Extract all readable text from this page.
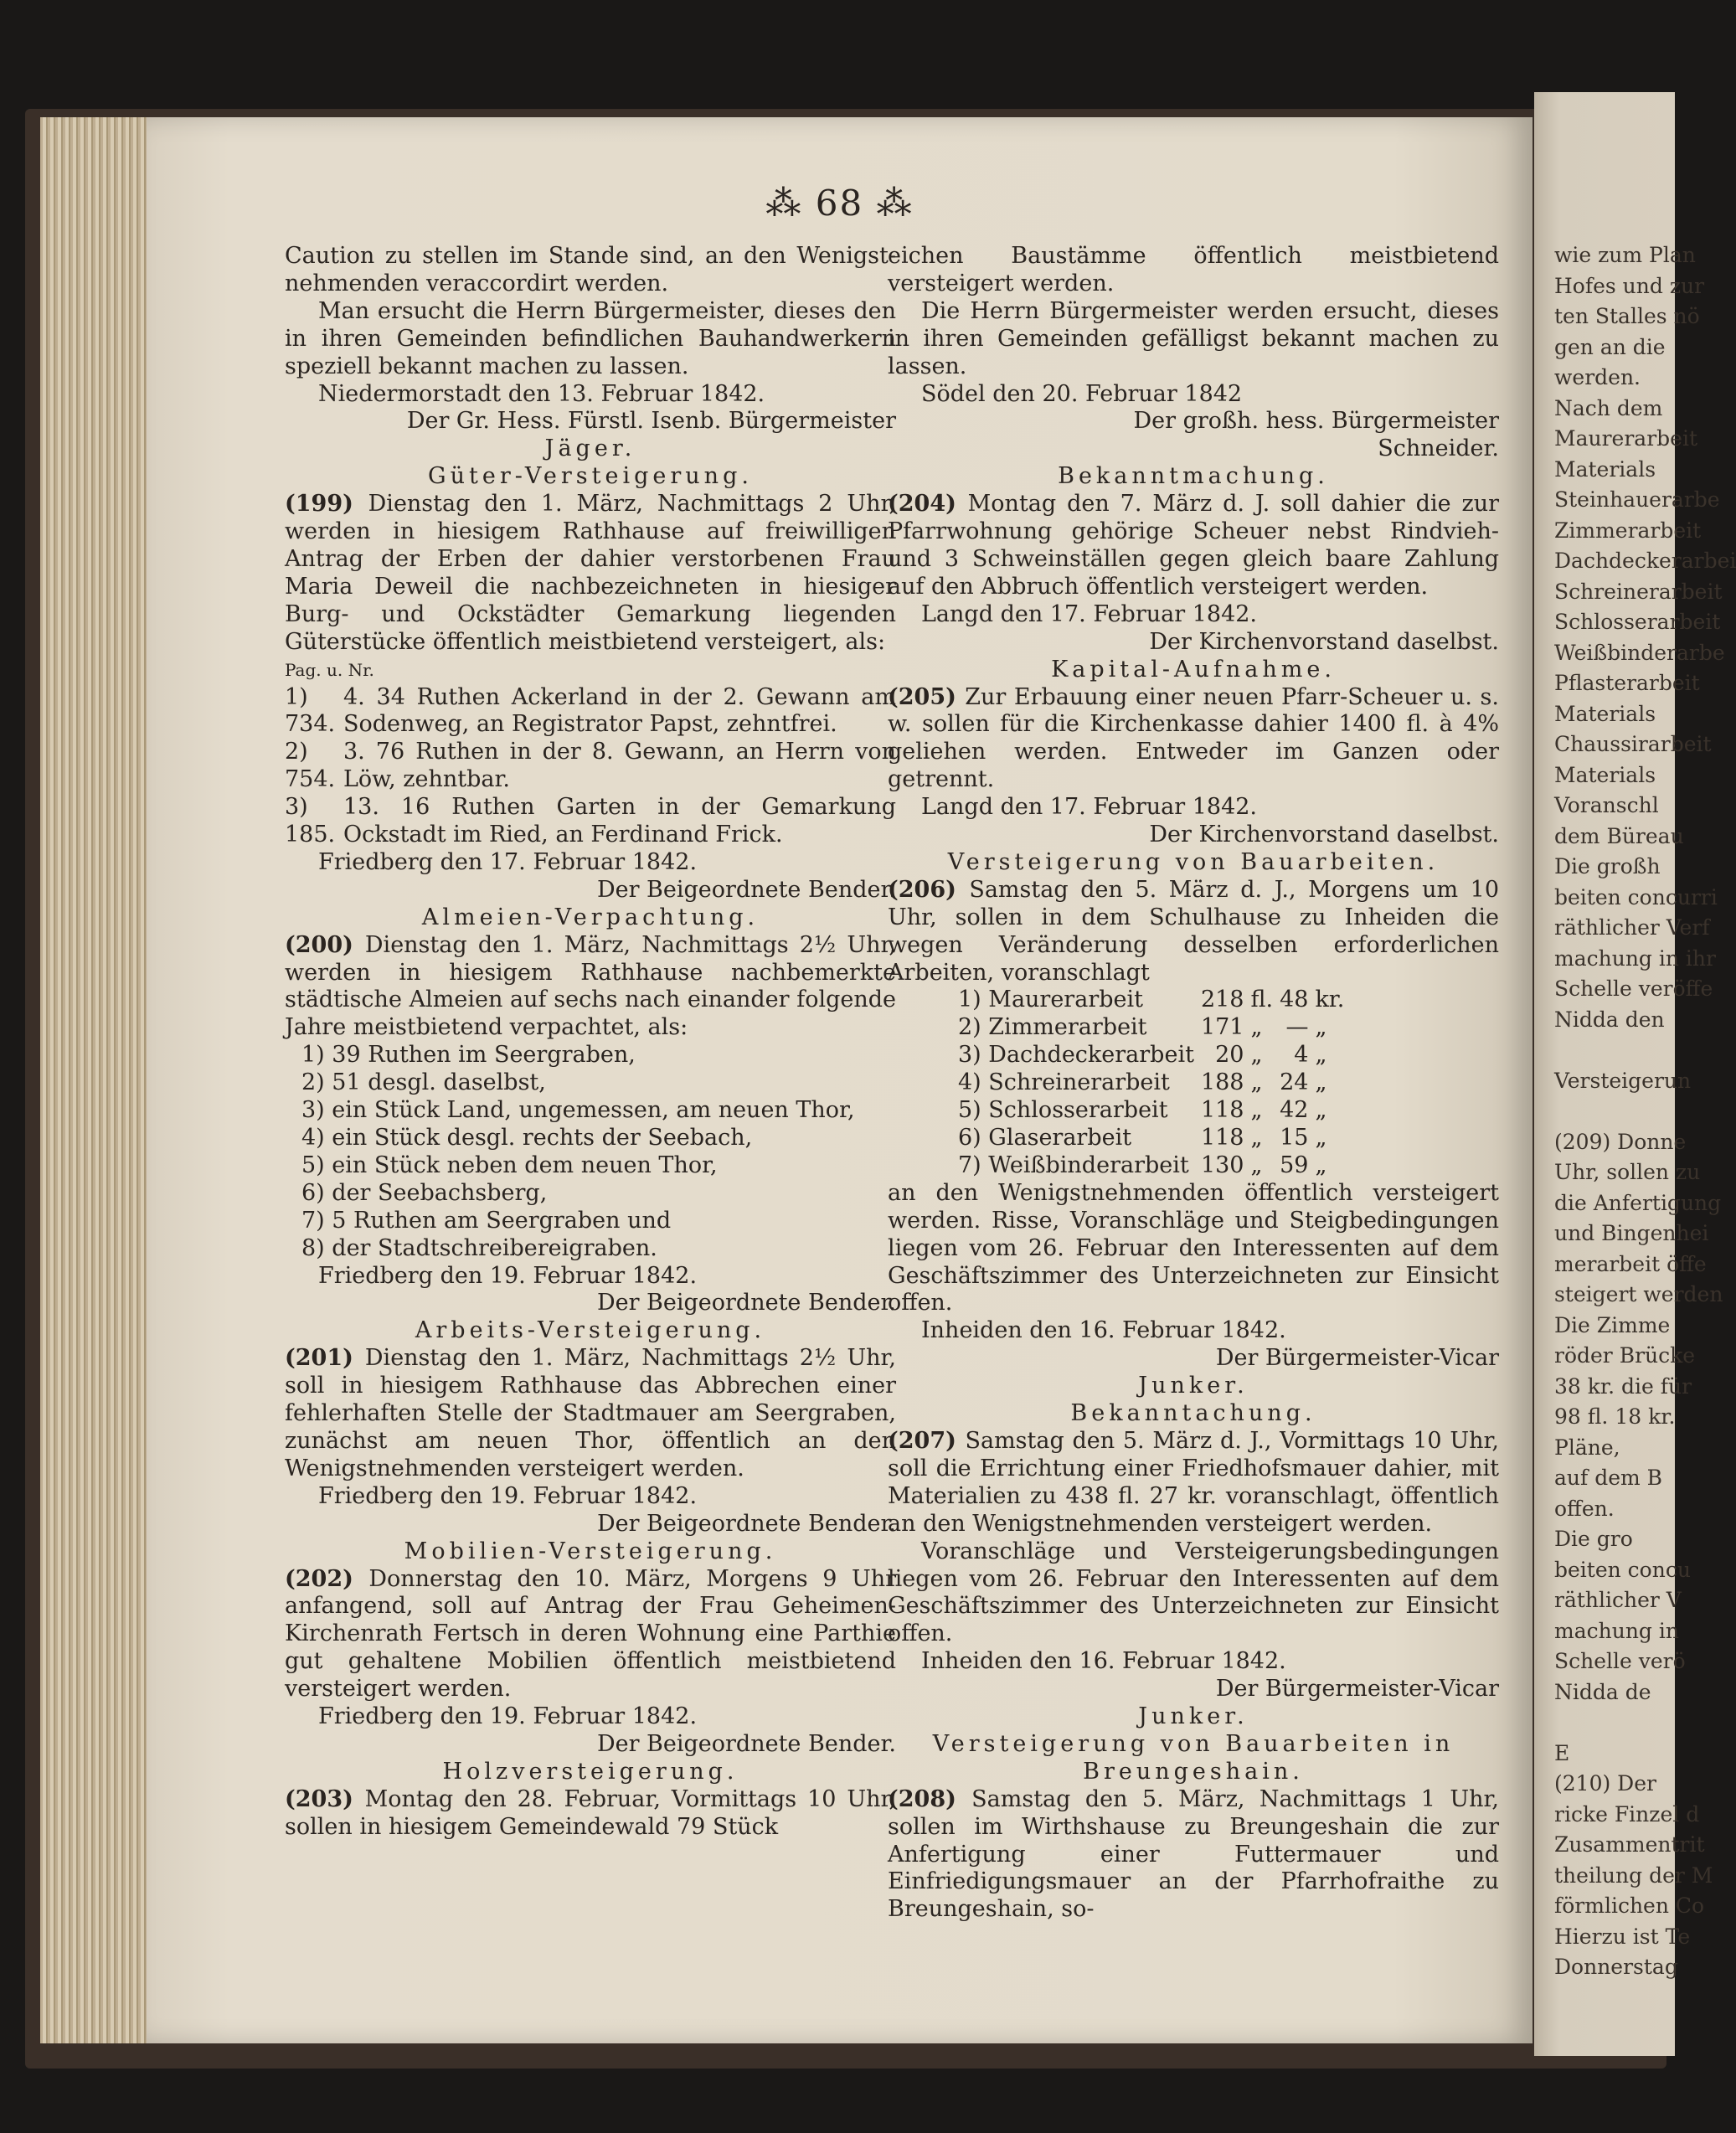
⁂ 68 ⁂

Caution zu stellen im Stande sind, an den Wenigst-nehmenden veraccordirt werden.

Man ersucht die Herrn Bürgermeister, dieses den in ihren Gemeinden befindlichen Bauhandwerkern speziell bekannt machen zu lassen.

Niedermorstadt den 13. Februar 1842.

Der Gr. Hess. Fürstl. Isenb. Bürgermeister

Jäger.

Güter-Versteigerung.

(199) Dienstag den 1. März, Nachmittags 2 Uhr, werden in hiesigem Rathhause auf freiwilligen Antrag der Erben der dahier verstorbenen Frau Maria Deweil die nachbezeichneten in hiesiger Burg- und Ockstädter Gemarkung liegenden Güterstücke öffentlich meistbietend versteigert, als:

Pag. u. Nr.

1) 734.
4. 34 Ruthen Ackerland in der 2. Gewann am Sodenweg, an Registrator Papst, zehntfrei.
2) 754.
3. 76 Ruthen in der 8. Gewann, an Herrn von Löw, zehntbar.
3) 185.
13. 16 Ruthen Garten in der Gemarkung Ockstadt im Ried, an Ferdinand Frick.

Friedberg den 17. Februar 1842.

Der Beigeordnete Bender.

Almeien-Verpachtung.

(200) Dienstag den 1. März, Nachmittags 2½ Uhr, werden in hiesigem Rathhause nachbemerkte städtische Almeien auf sechs nach einander folgende Jahre meistbietend verpachtet, als:

1) 39 Ruthen im Seergraben,

2) 51 desgl. daselbst,

3) ein Stück Land, ungemessen, am neuen Thor,

4) ein Stück desgl. rechts der Seebach,

5) ein Stück neben dem neuen Thor,

6) der Seebachsberg,

7) 5 Ruthen am Seergraben und

8) der Stadtschreibereigraben.

Friedberg den 19. Februar 1842.

Der Beigeordnete Bender.

Arbeits-Versteigerung.

(201) Dienstag den 1. März, Nachmittags 2½ Uhr, soll in hiesigem Rathhause das Abbrechen einer fehlerhaften Stelle der Stadtmauer am Seergraben, zunächst am neuen Thor, öffentlich an den Wenigstnehmenden versteigert werden.

Friedberg den 19. Februar 1842.

Der Beigeordnete Bender.

Mobilien-Versteigerung.

(202) Donnerstag den 10. März, Morgens 9 Uhr anfangend, soll auf Antrag der Frau Geheimen-Kirchenrath Fertsch in deren Wohnung eine Parthie gut gehaltene Mobilien öffentlich meistbietend versteigert werden.

Friedberg den 19. Februar 1842.

Der Beigeordnete Bender.

Holzversteigerung.

(203) Montag den 28. Februar, Vormittags 10 Uhr, sollen in hiesigem Gemeindewald 79 Stück

eichen Baustämme öffentlich meistbietend versteigert werden.

Die Herrn Bürgermeister werden ersucht, dieses in ihren Gemeinden gefälligst bekannt machen zu lassen.

Södel den 20. Februar 1842

Der großh. hess. Bürgermeister

Schneider.

Bekanntmachung.

(204) Montag den 7. März d. J. soll dahier die zur Pfarrwohnung gehörige Scheuer nebst Rindvieh- und 3 Schweinställen gegen gleich baare Zahlung auf den Abbruch öffentlich versteigert werden.

Langd den 17. Februar 1842.

Der Kirchenvorstand daselbst.

Kapital-Aufnahme.

(205) Zur Erbauung einer neuen Pfarr-Scheuer u. s. w. sollen für die Kirchenkasse dahier 1400 fl. à 4% geliehen werden. Entweder im Ganzen oder getrennt.

Langd den 17. Februar 1842.

Der Kirchenvorstand daselbst.

Versteigerung von Bauarbeiten.

(206) Samstag den 5. März d. J., Morgens um 10 Uhr, sollen in dem Schulhause zu Inheiden die wegen Veränderung desselben erforderlichen Arbeiten, voranschlagt

1) Maurerarbeit	218	fl.	48	kr.
2) Zimmerarbeit	171	„	—	„
3) Dachdeckerarbeit	20	„	4	„
4) Schreinerarbeit	188	„	24	„
5) Schlosserarbeit	118	„	42	„
6) Glaserarbeit	118	„	15	„
7) Weißbinderarbeit	130	„	59	„

an den Wenigstnehmenden öffentlich versteigert werden. Risse, Voranschläge und Steigbedingungen liegen vom 26. Februar den Interessenten auf dem Geschäftszimmer des Unterzeichneten zur Einsicht offen.

Inheiden den 16. Februar 1842.

Der Bürgermeister-Vicar

Junker.

Bekanntachung.

(207) Samstag den 5. März d. J., Vormittags 10 Uhr, soll die Errichtung einer Friedhofsmauer dahier, mit Materialien zu 438 fl. 27 kr. voranschlagt, öffentlich an den Wenigstnehmenden versteigert werden.

Voranschläge und Versteigerungsbedingungen liegen vom 26. Februar den Interessenten auf dem Geschäftszimmer des Unterzeichneten zur Einsicht offen.

Inheiden den 16. Februar 1842.

Der Bürgermeister-Vicar

Junker.

Versteigerung von Bauarbeiten in Breungeshain.

(208) Samstag den 5. März, Nachmittags 1 Uhr, sollen im Wirthshause zu Breungeshain die zur Anfertigung einer Futtermauer und Einfriedigungsmauer an der Pfarrhofraithe zu Breungeshain, so-

wie zum Plan
Hofes und zur
ten Stalles nö
gen an die
werden.
Nach dem
Maurerarbeit
Materials
Steinhauerarbe
Zimmerarbeit
Dachdeckerarbei
Schreinerarbeit
Schlosserarbeit
Weißbinderarbe
Pflasterarbeit
Materials
Chaussirarbeit
Materials
Voranschl
dem Büreau
Die großh
beiten concurri
räthlicher Verf
machung in ihr
Schelle veröffe
Nidda den
Versteigerun
(209) Donne
Uhr, sollen zu
die Anfertigung
und Bingenhei
merarbeit öffe
steigert werden
Die Zimme
röder Brücke
38 kr. die für
98 fl. 18 kr.
Pläne,
auf dem B
offen.
Die gro
beiten concu
räthlicher V
machung in
Schelle verö
Nidda de
E
(210) Der
ricke Finzel d
Zusammentrit
theilung der M
förmlichen Co
Hierzu ist Te
Donnerstag
